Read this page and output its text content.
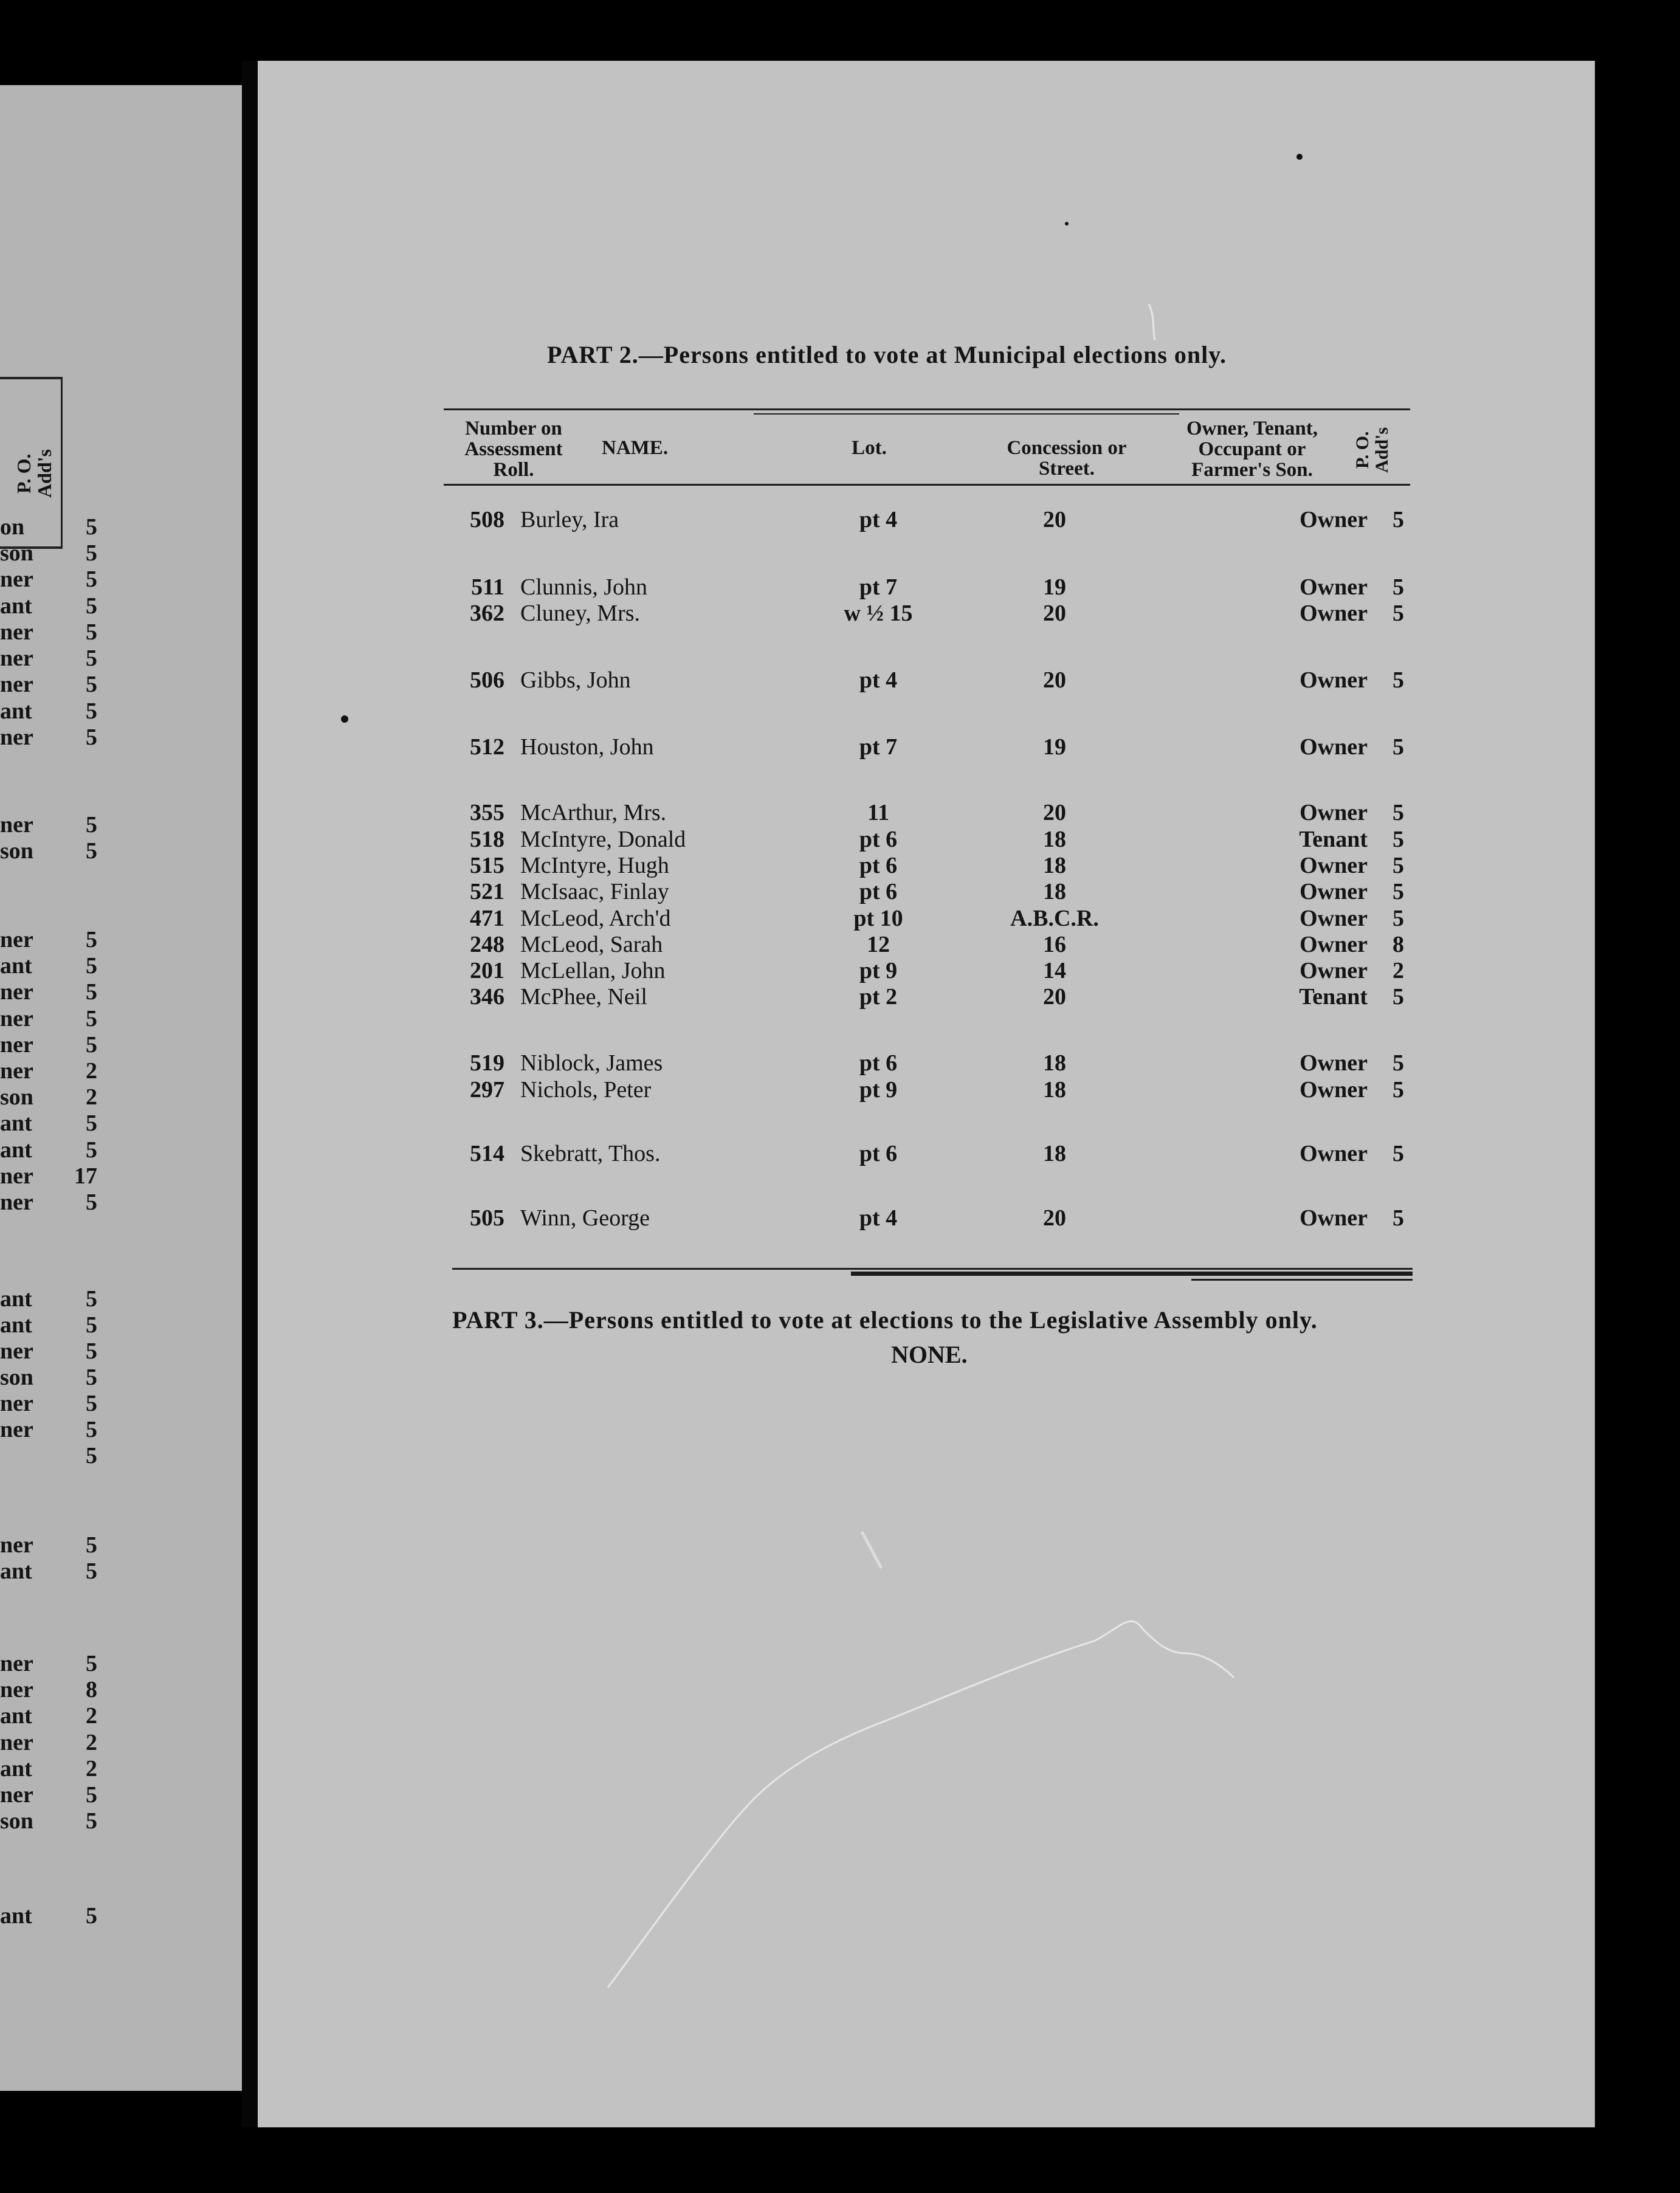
P. O. Add's
on	5
son 5
ner 5
ant 5
ner 5
ner 5
ner 5
ant 5
ner 5
ner 5
son 5
ner 5
ant 5
ner 5
ner 5
ner 5
ner 2
son 2
ant 5
ant 5
ner 17
ner 5
ant 5
ant 5
ner 5
son 5
ner 5
ner 5
5
ner 5
ant 5
ner 5
ner 8
ant 2
ner 2
ant 2
ner 5
son 5
ant 5
PART 2.—Persons entitled to vote at Municipal elections only.
Number on Assessment Roll.
NAME.	Lot.	Concession or Street.
Owner, Tenant, Occupant or Farmer's Son.
P. O. Add's
508 Burley, Ira	pt 4	20	Owner	5
511 Clunnis, John	pt 7	19	Owner	5
362 Cluney, Mrs.	w ½ 15	20	Owner	5
506 Gibbs, John	pt 4	20	Owner	5
512 Houston, John	pt 7	19	Owner	5
355 McArthur, Mrs.	11	20	Owner	5
518 McIntyre, Donald	pt 6	18	Tenant	5
515 McIntyre, Hugh	pt 6	18	Owner	5
521 McIsaac, Finlay	pt 6	18	Owner	5
471 McLeod, Arch'd	pt 10	A.B.C.R.	Owner	5
248 McLeod, Sarah	12	16	Owner	8
201 McLellan, John	pt 9	14	Owner	2
346 McPhee, Neil	pt 2	20	Tenant	5
519 Niblock, James	pt 6	18	Owner	5
297 Nichols, Peter	pt 9	18	Owner	5
514 Skebratt, Thos.	pt 6	18	Owner	5
505 Winn, George	pt 4	20	Owner	5
PART 3.—Persons entitled to vote at elections to the Legislative Assembly only.
NONE.
